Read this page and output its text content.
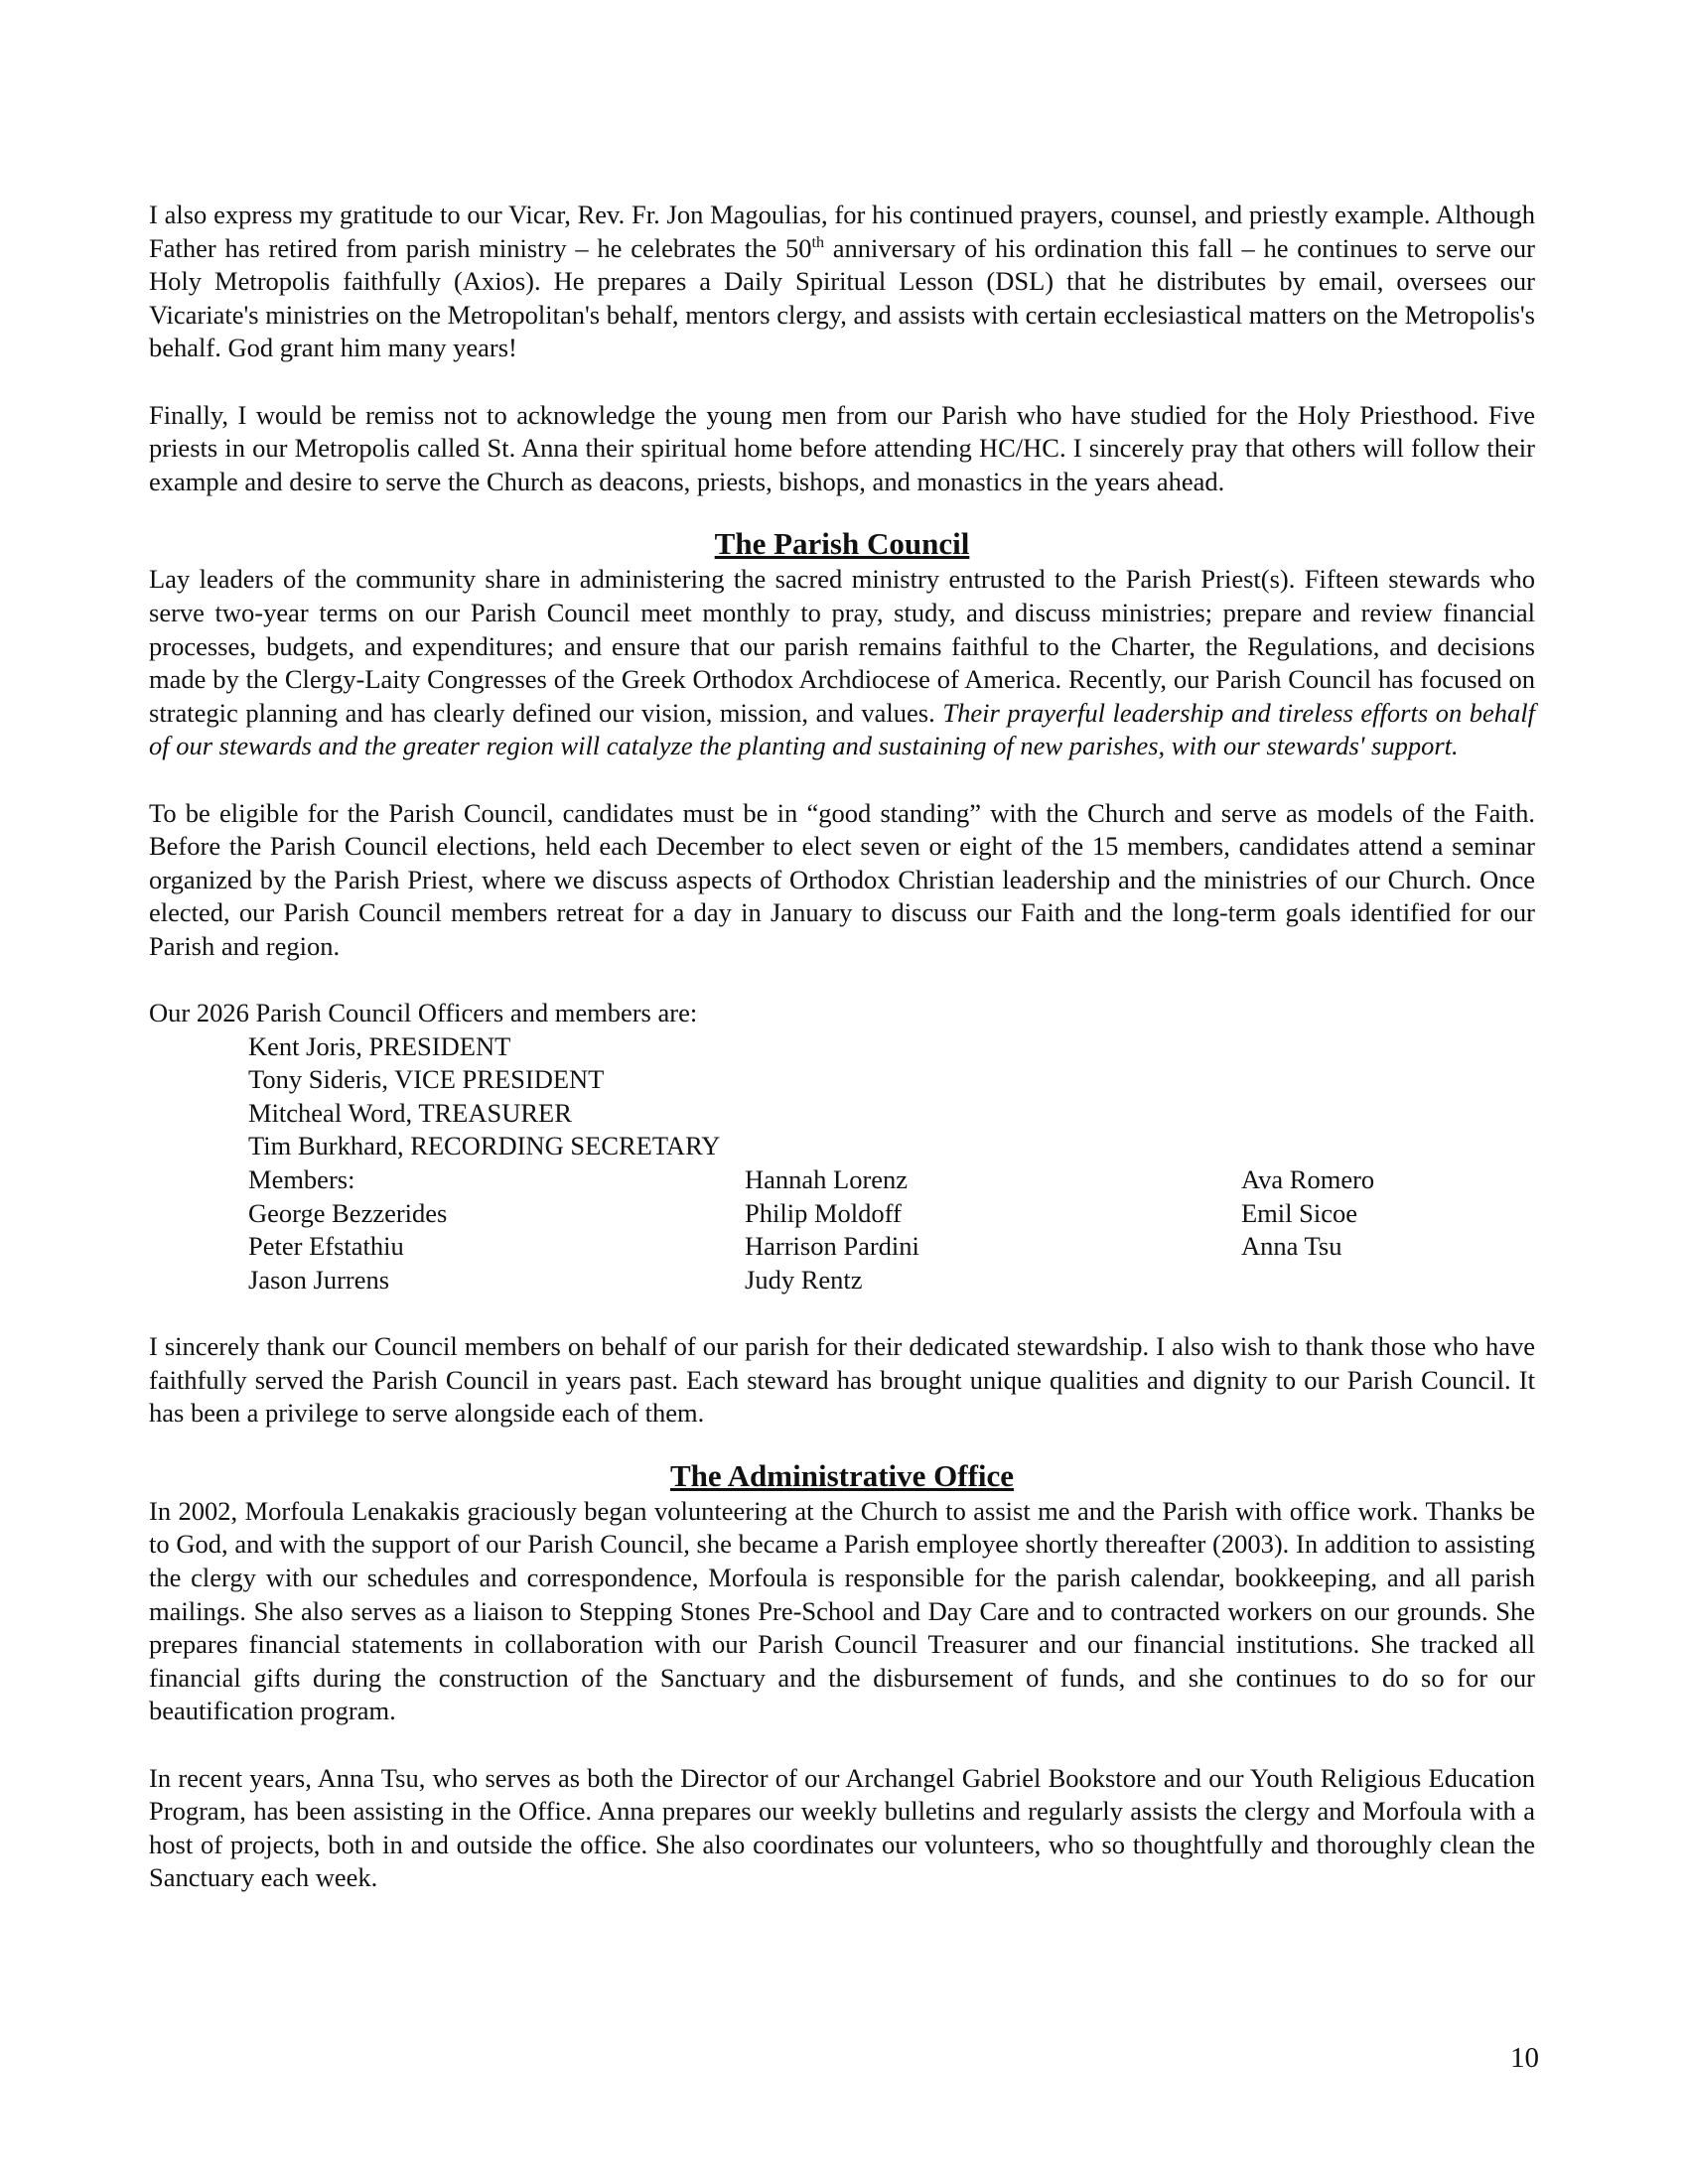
I also express my gratitude to our Vicar, Rev. Fr. Jon Magoulias, for his continued prayers, counsel, and priestly example. Although Father has retired from parish ministry – he celebrates the 50th anniversary of his ordination this fall – he continues to serve our Holy Metropolis faithfully (Axios). He prepares a Daily Spiritual Lesson (DSL) that he distributes by email, oversees our Vicariate's ministries on the Metropolitan's behalf, mentors clergy, and assists with certain ecclesiastical matters on the Metropolis's behalf. God grant him many years!

Finally, I would be remiss not to acknowledge the young men from our Parish who have studied for the Holy Priesthood. Five priests in our Metropolis called St. Anna their spiritual home before attending HC/HC. I sincerely pray that others will follow their example and desire to serve the Church as deacons, priests, bishops, and monastics in the years ahead.

The Parish Council

Lay leaders of the community share in administering the sacred ministry entrusted to the Parish Priest(s). Fifteen stewards who serve two-year terms on our Parish Council meet monthly to pray, study, and discuss ministries; prepare and review financial processes, budgets, and expenditures; and ensure that our parish remains faithful to the Charter, the Regulations, and decisions made by the Clergy-Laity Congresses of the Greek Orthodox Archdiocese of America. Recently, our Parish Council has focused on strategic planning and has clearly defined our vision, mission, and values. Their prayerful leadership and tireless efforts on behalf of our stewards and the greater region will catalyze the planting and sustaining of new parishes, with our stewards' support.

To be eligible for the Parish Council, candidates must be in “good standing” with the Church and serve as models of the Faith. Before the Parish Council elections, held each December to elect seven or eight of the 15 members, candidates attend a seminar organized by the Parish Priest, where we discuss aspects of Orthodox Christian leadership and the ministries of our Church. Once elected, our Parish Council members retreat for a day in January to discuss our Faith and the long-term goals identified for our Parish and region.

Our 2026 Parish Council Officers and members are:

Kent Joris, PRESIDENT
Tony Sideris, VICE PRESIDENT
Mitcheal Word, TREASURER
Tim Burkhard, RECORDING SECRETARY
Members:	Hannah Lorenz	Ava Romero
George Bezzerides	Philip Moldoff	Emil Sicoe
Peter Efstathiu	Harrison Pardini	Anna Tsu
Jason Jurrens	Judy Rentz

I sincerely thank our Council members on behalf of our parish for their dedicated stewardship. I also wish to thank those who have faithfully served the Parish Council in years past. Each steward has brought unique qualities and dignity to our Parish Council. It has been a privilege to serve alongside each of them.

The Administrative Office

In 2002, Morfoula Lenakakis graciously began volunteering at the Church to assist me and the Parish with office work. Thanks be to God, and with the support of our Parish Council, she became a Parish employee shortly thereafter (2003). In addition to assisting the clergy with our schedules and correspondence, Morfoula is responsible for the parish calendar, bookkeeping, and all parish mailings. She also serves as a liaison to Stepping Stones Pre-School and Day Care and to contracted workers on our grounds. She prepares financial statements in collaboration with our Parish Council Treasurer and our financial institutions. She tracked all financial gifts during the construction of the Sanctuary and the disbursement of funds, and she continues to do so for our beautification program.

In recent years, Anna Tsu, who serves as both the Director of our Archangel Gabriel Bookstore and our Youth Religious Education Program, has been assisting in the Office. Anna prepares our weekly bulletins and regularly assists the clergy and Morfoula with a host of projects, both in and outside the office. She also coordinates our volunteers, who so thoughtfully and thoroughly clean the Sanctuary each week.

10
